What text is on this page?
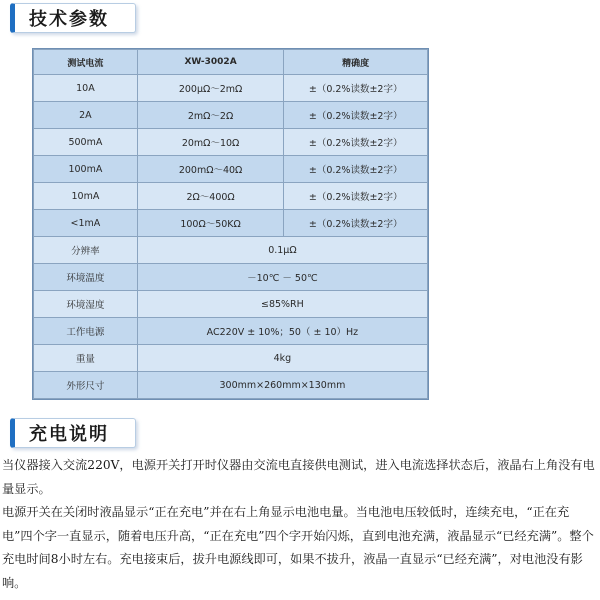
技术参数
测试电流	XW-3002A	精确度
10A	200μΩ～2mΩ	±（0.2%读数±2字）
2A	2mΩ～2Ω	±（0.2%读数±2字）
500mA	20mΩ～10Ω	±（0.2%读数±2字）
100mA	200mΩ～40Ω	±（0.2%读数±2字）
10mA	2Ω～400Ω	±（0.2%读数±2字）
<1mA	100Ω～50KΩ	±（0.2%读数±2字）
分辨率	0.1μΩ	
环境温度	－10℃ － 50℃	
环境湿度	≤85%RH	
工作电源	AC220V ± 10%；50（ ± 10）Hz	
重量	4kg	
外形尺寸	300mm×260mm×130mm	
充电说明

当仪器接入交流220V，电源开关打开时仪器由交流电直接供电测试，进入电流选择状态后，液晶右上角没有电量显示。

电源开关在关闭时液晶显示“正在充电”并在右上角显示电池电量。当电池电压较低时，连续充电，“正在充电”四个字一直显示，随着电压升高，“正在充电”四个字开始闪烁，直到电池充满，液晶显示“已经充满”。整个充电时间8小时左右。充电接束后，拔升电源线即可，如果不拔升，液晶一直显示“已经充满”，对电池没有影响。
